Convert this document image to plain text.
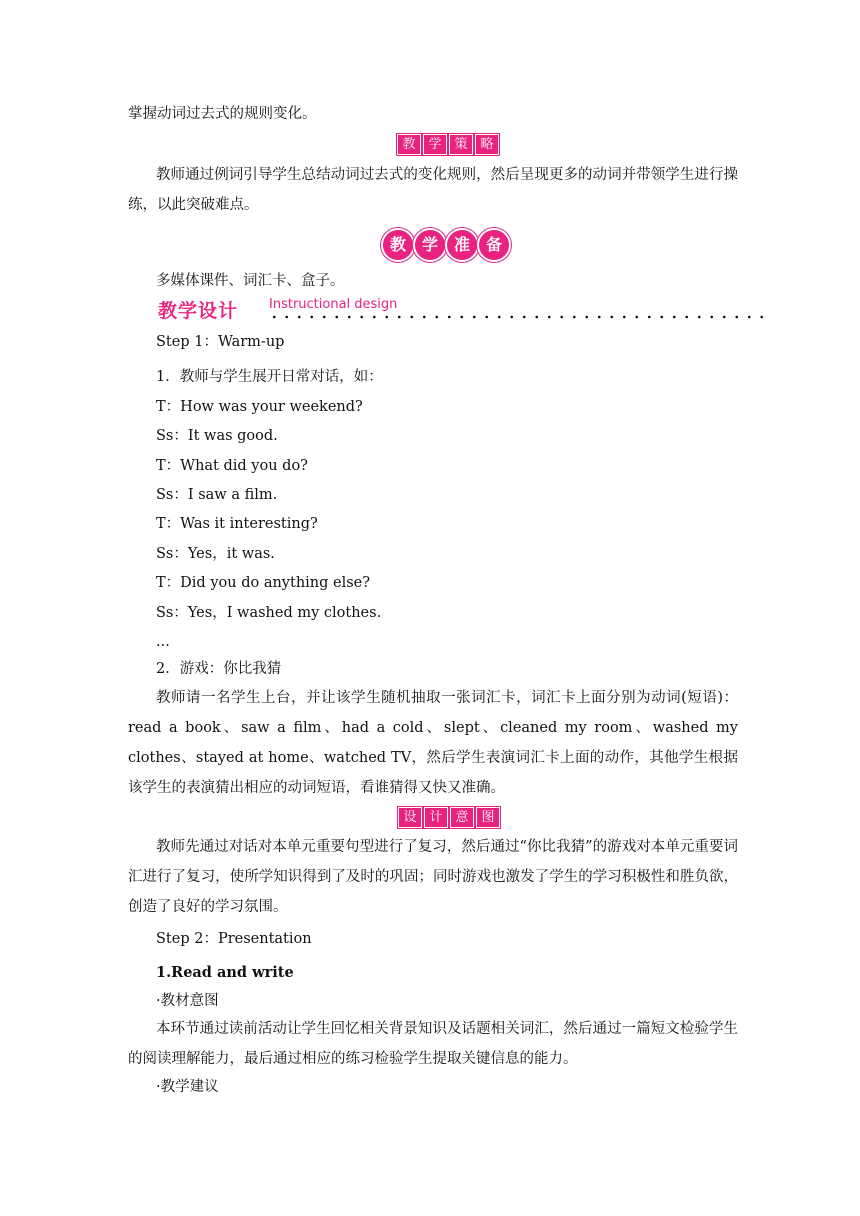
掌握动词过去式的规则变化。
教 学 策 略
教师通过例词引导学生总结动词过去式的变化规则，然后呈现更多的动词并带领学生进行操练，以此突破难点。
教 学 准 备
多媒体课件、词汇卡、盒子。
教学设计 Instructional design
Step 1：Warm-up
1．教师与学生展开日常对话，如：
T：How was your weekend?
Ss：It was good.
T：What did you do?
Ss：I saw a film.
T：Was it interesting?
Ss：Yes，it was.
T：Did you do anything else?
Ss：Yes，I washed my clothes.
...
2．游戏：你比我猜
教师请一名学生上台，并让该学生随机抽取一张词汇卡，词汇卡上面分别为动词(短语)：read a book、saw a film、had a cold、slept、cleaned my room、washed my clothes、stayed at home、watched TV，然后学生表演词汇卡上面的动作，其他学生根据该学生的表演猜出相应的动词短语，看谁猜得又快又准确。
设 计 意 图
教师先通过对话对本单元重要句型进行了复习，然后通过“你比我猜”的游戏对本单元重要词汇进行了复习，使所学知识得到了及时的巩固；同时游戏也激发了学生的学习积极性和胜负欲，创造了良好的学习氛围。
Step 2：Presentation
1.Read and write
·教材意图
本环节通过读前活动让学生回忆相关背景知识及话题相关词汇，然后通过一篇短文检验学生的阅读理解能力，最后通过相应的练习检验学生提取关键信息的能力。
·教学建议
